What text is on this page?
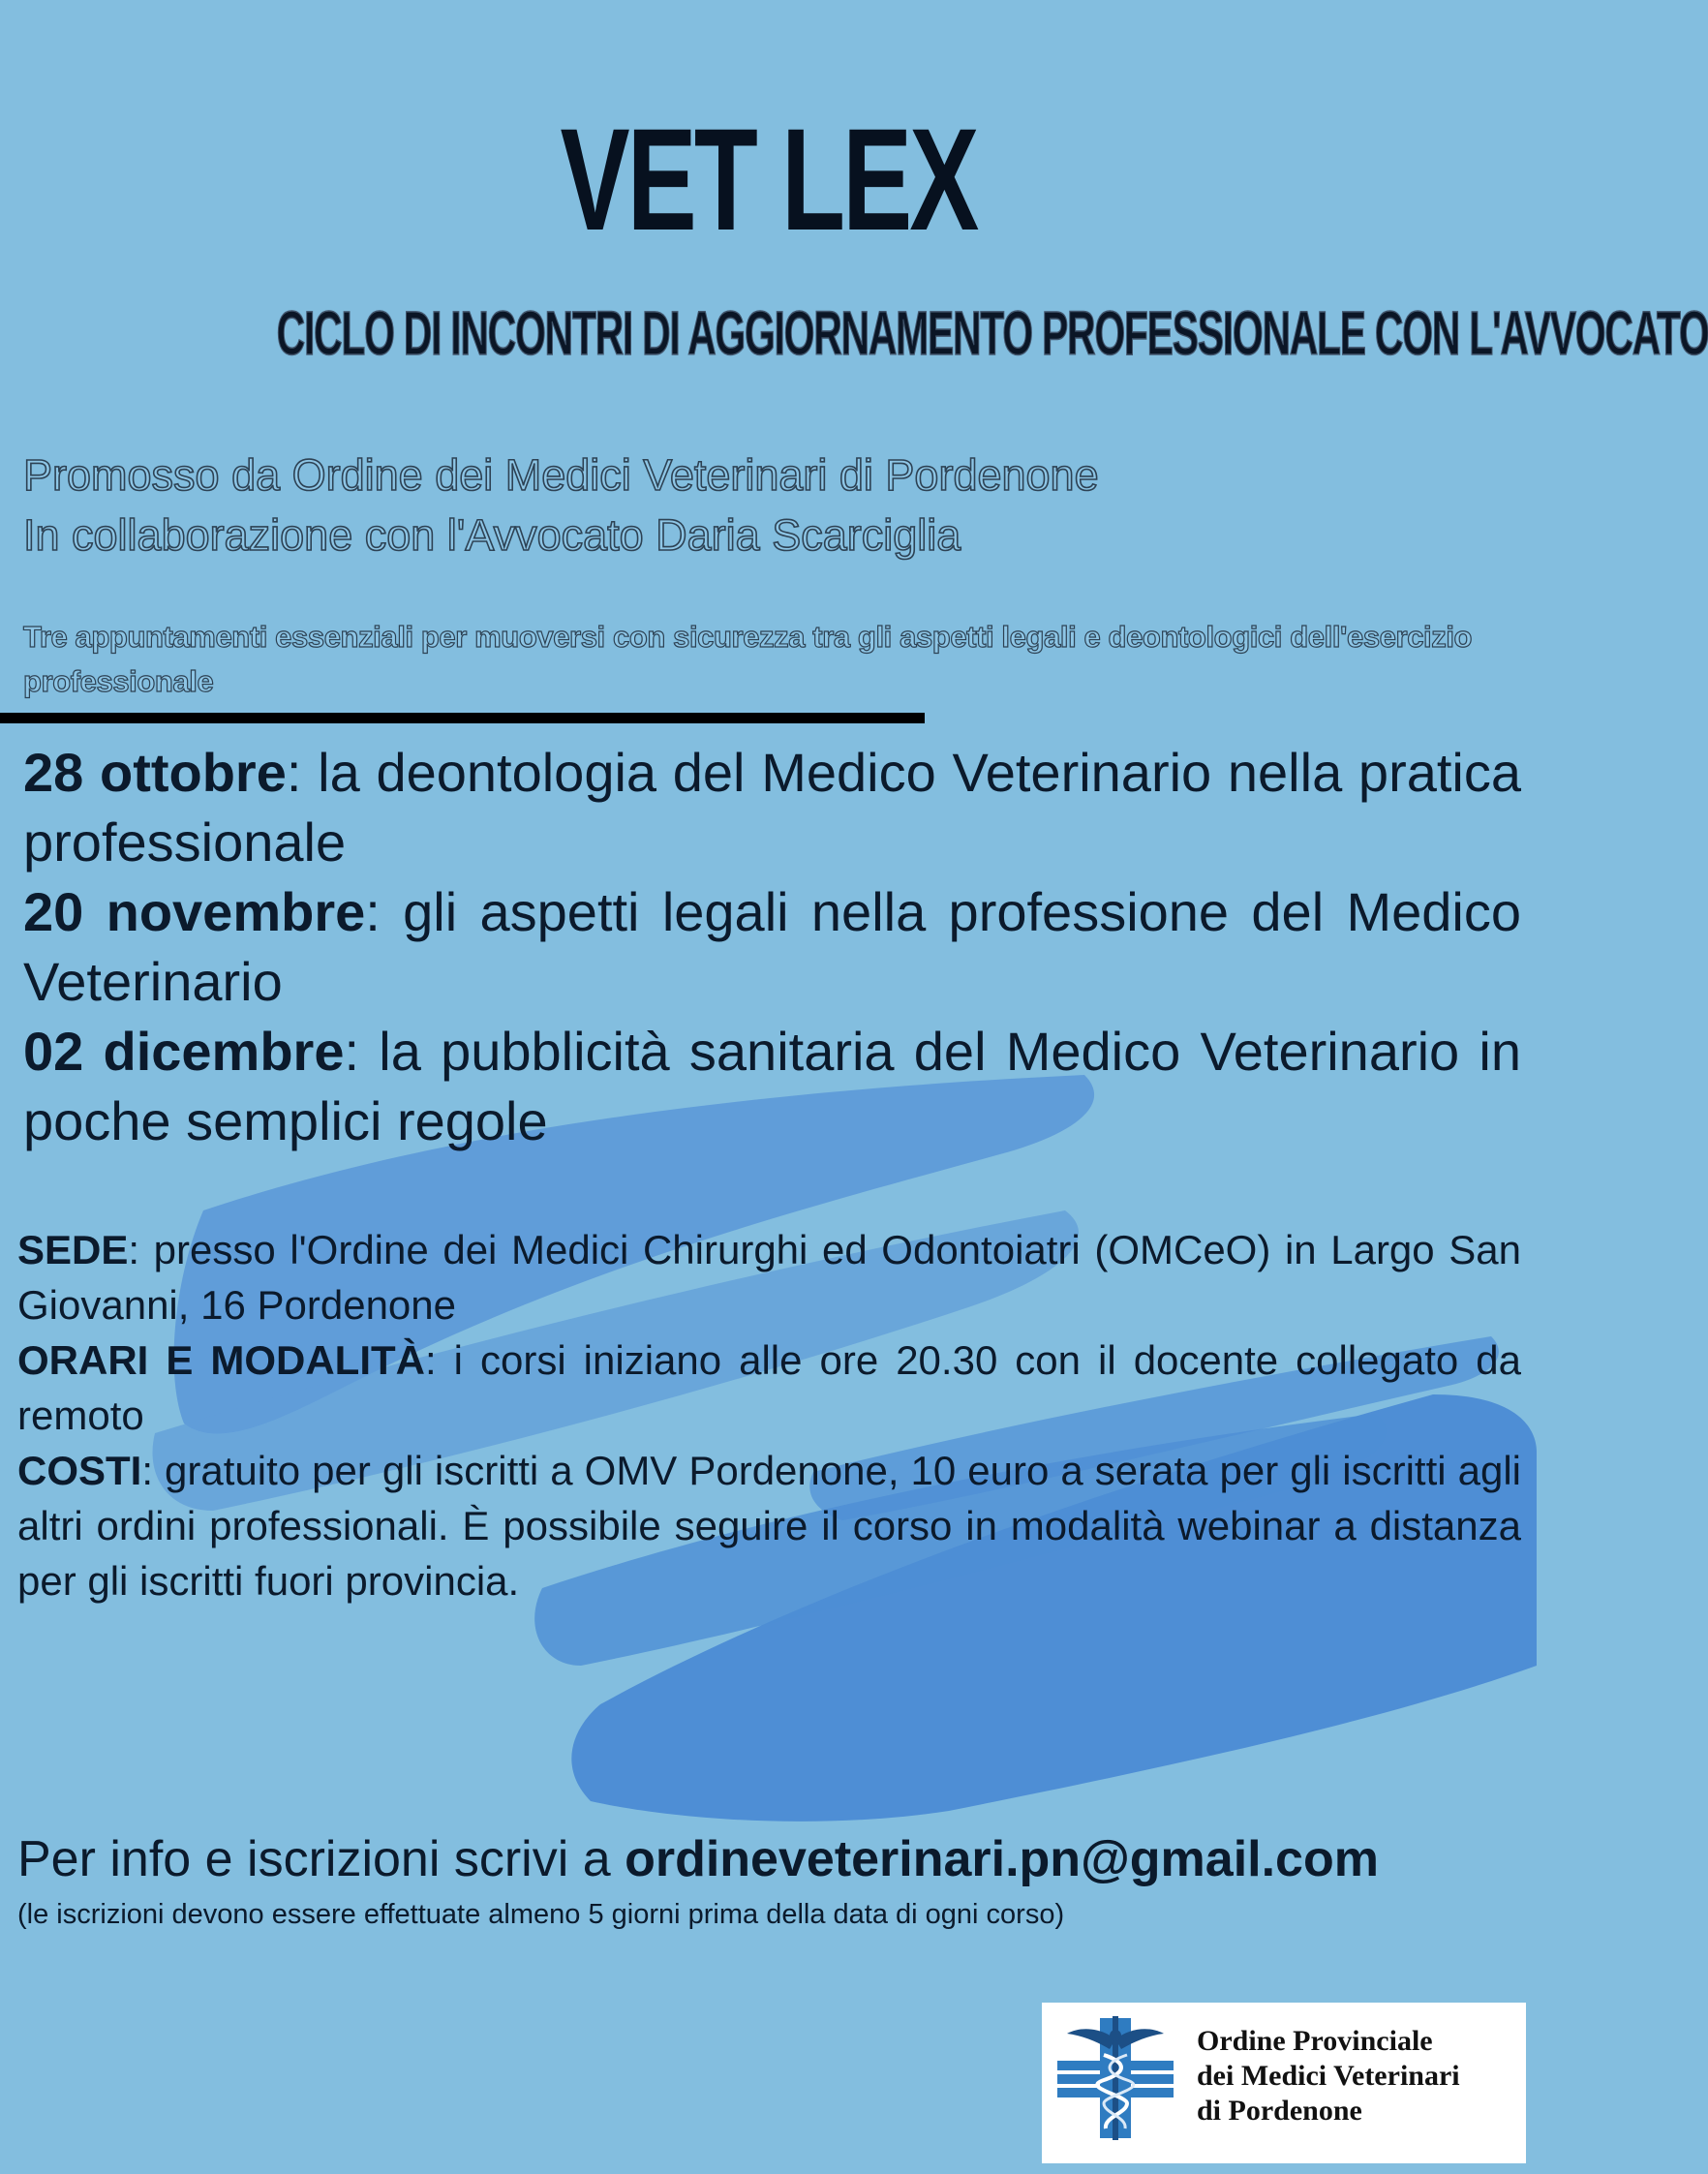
VET LEX
CICLO DI INCONTRI DI AGGIORNAMENTO PROFESSIONALE CON L'AVVOCATO
Promosso da Ordine dei Medici Veterinari di Pordenone
In collaborazione con l'Avvocato Daria Scarciglia
Tre appuntamenti essenziali per muoversi con sicurezza tra gli aspetti legali e deontologici dell'esercizio professionale
28 ottobre: la deontologia del Medico Veterinario nella pratica professionale
20 novembre: gli aspetti legali nella professione del Medico Veterinario
02 dicembre: la pubblicità sanitaria del Medico Veterinario in poche semplici regole

SEDE: presso l'Ordine dei Medici Chirurghi ed Odontoiatri (OMCeO) in Largo San Giovanni, 16 Pordenone

ORARI E MODALITÀ: i corsi iniziano alle ore 20.30 con il docente collegato da remoto

COSTI: gratuito per gli iscritti a OMV Pordenone, 10 euro a serata per gli iscritti agli altri ordini professionali. È possibile seguire il corso in modalità webinar a distanza per gli iscritti fuori provincia.

Per info e iscrizioni scrivi a ordineveterinari.pn@gmail.com
(le iscrizioni devono essere effettuate almeno 5 giorni prima della data di ogni corso)
Ordine Provinciale
dei Medici Veterinari
di Pordenone
